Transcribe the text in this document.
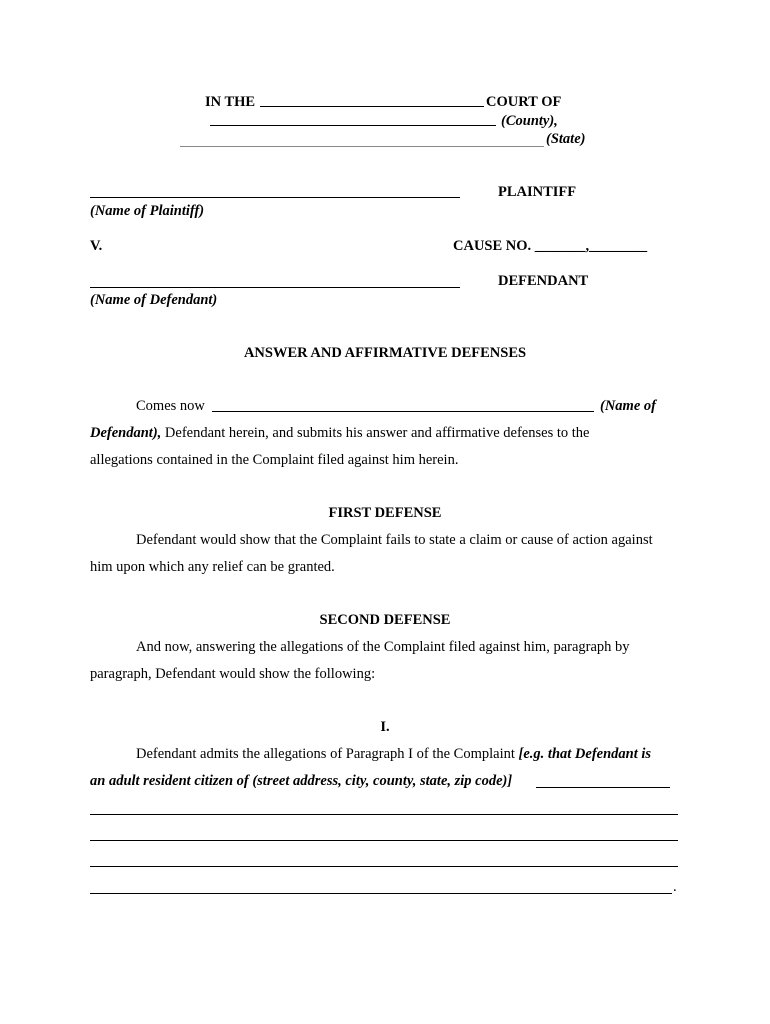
IN THE	COURT OF
(County),
(State)
PLAINTIFF
(Name of Plaintiff)
V.	CAUSE NO. _______,________
DEFENDANT
(Name of Defendant)
ANSWER AND AFFIRMATIVE DEFENSES
Comes now	(Name of
Defendant), Defendant herein, and submits his answer and affirmative defenses to the
allegations contained in the Complaint filed against him herein.
FIRST DEFENSE
Defendant would show that the Complaint fails to state a claim or cause of action against
him upon which any relief can be granted.
SECOND DEFENSE
And now, answering the allegations of the Complaint filed against him, paragraph by
paragraph, Defendant would show the following:
I.
Defendant admits the allegations of Paragraph I of the Complaint [e.g. that Defendant is
an adult resident citizen of (street address, city, county, state, zip code)]
.
